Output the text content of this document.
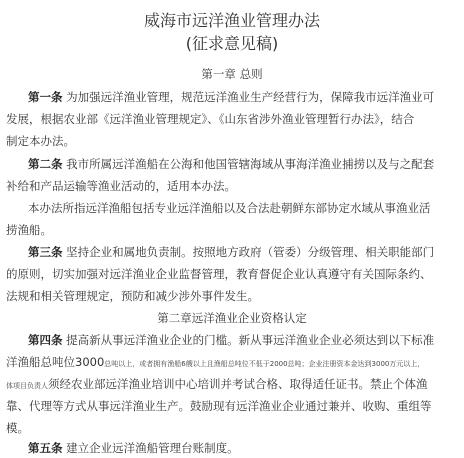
威海市远洋渔业管理办法
(征求意见稿)
第一章 总则
第一条 为加强远洋渔业管理，规范远洋渔业生产经营行为，保障我市远洋渔业可
发展，根据农业部《远洋渔业管理规定》、《山东省涉外渔业管理暂行办法》，结合
制定本办法。
第二条 我市所属远洋渔船在公海和他国管辖海域从事海洋渔业捕捞以及与之配套
补给和产品运输等渔业活动的，适用本办法。
本办法所指远洋渔船包括专业远洋渔船以及合法赴朝鲜东部协定水域从事渔业活
捞渔船。
第三条 坚持企业和属地负责制。按照地方政府（管委）分级管理、相关职能部门
的原则，切实加强对远洋渔业企业监督管理，教育督促企业认真遵守有关国际条约、
法规和相关管理规定，预防和减少涉外事件发生。
第二章远洋渔业企业资格认定
第四条 提高新从事远洋渔业企业的门槛。新从事远洋渔业企业必须达到以下标准
洋渔船总吨位3000总吨以上，或者拥有渔船6艘以上且渔船总吨位不低于2000总吨；企业注册资本金达到3000万元以上，
体项目负责人须经农业部远洋渔业培训中心培训并考试合格、取得适任证书。禁止个体渔
靠、代理等方式从事远洋渔业生产。鼓励现有远洋渔业企业通过兼并、收购、重组等
模。
第五条 建立企业远洋渔船管理台账制度。
